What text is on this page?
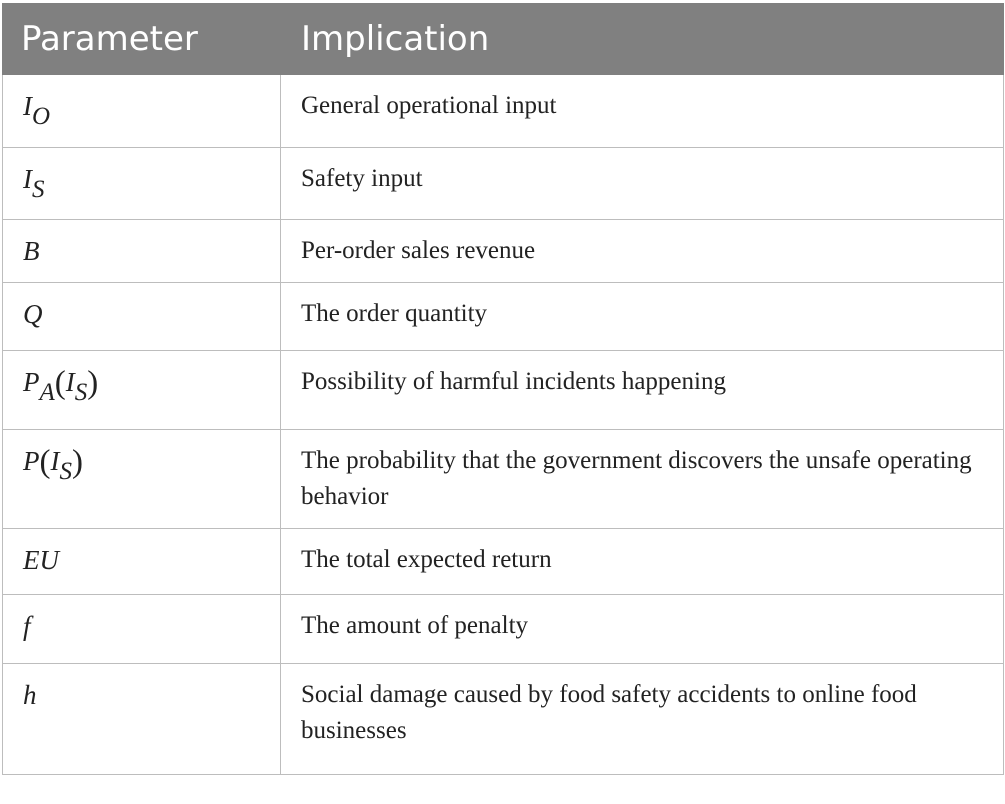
Parameter	Implication
$I_O$	General operational input
$I_S$	Safety input
B	Per-order sales revenue
Q	The order quantity
$P_A(I_S)$	Possibility of harmful incidents happening
$P(I_S)$	The probability that the government discovers the unsafe operating behavior
EU	The total expected return
f	The amount of penalty
h	Social damage caused by food safety accidents to online food businesses
